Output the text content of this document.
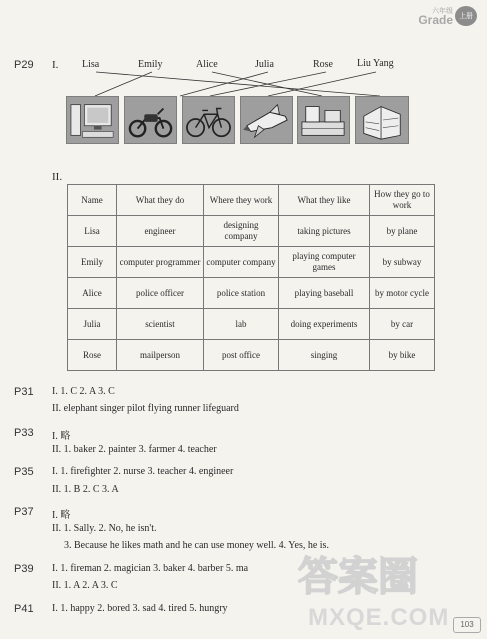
六年级
Grade 上册
P29 I. Lisa	Emily	Alice	Julia	Rose Liu Yang
II.
Name	What they do	Where they work	What they like	How they go to work
Lisa	engineer	designing company	taking pictures	by plane
Emily	computer programmer	computer company	playing computer games	by subway
Alice	police officer	police station	playing baseball	by motor cycle
Julia	scientist	lab	doing experiments	by car
Rose	mailperson	post office	singing	by bike
P31 I. 1. C 2. A 3. C
II. elephant singer pilot flying runner lifeguard
P33 I. 略
II. 1. baker 2. painter 3. farmer 4. teacher
P35 I. 1. firefighter 2. nurse 3. teacher 4. engineer
II. 1. B 2. C 3. A
P37 I. 略
II. 1. Sally. 2. No, he isn't.
3. Because he likes math and he can use money well. 4. Yes, he is.
P39 I. 1. fireman 2. magician 3. baker 4. barber 5. ma
II. 1. A 2. A 3. C
P41 I. 1. happy 2. bored 3. sad 4. tired 5. hungry
答案圈
MXQE.COM	103
